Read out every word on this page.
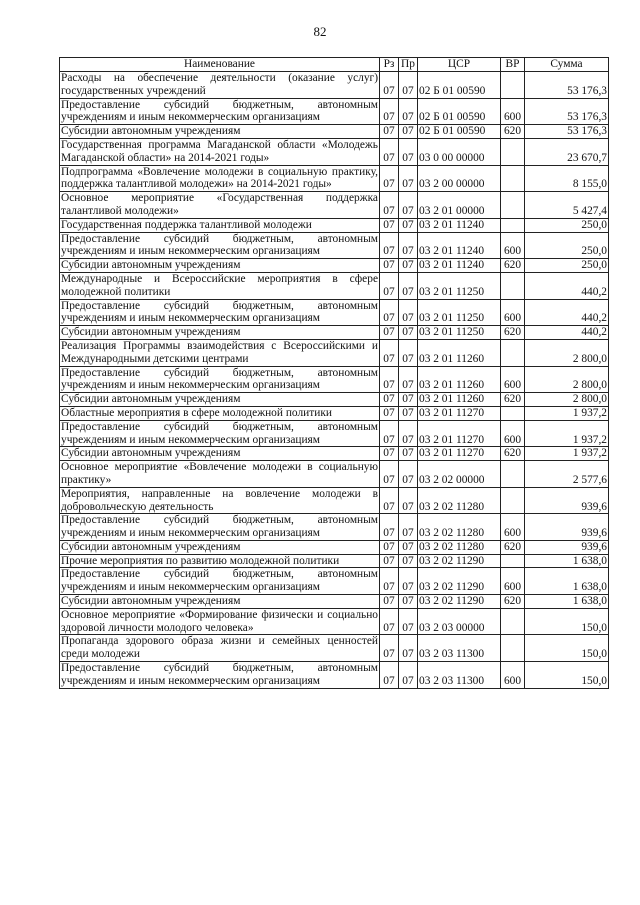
82
Наименование	Рз	Пр	ЦСР	ВР	Сумма
Расходы на обеспечение деятельности (оказание услуг) государственных учреждений	07	07	02 Б 01 00590		53 176,3
Предоставление субсидий бюджетным, автономным учреждениям и иным некоммерческим организациям	07	07	02 Б 01 00590	600	53 176,3
Субсидии автономным учреждениям	07	07	02 Б 01 00590	620	53 176,3
Государственная программа Магаданской области «Молодежь Магаданской области» на 2014-2021 годы»	07	07	03 0 00 00000		23 670,7
Подпрограмма «Вовлечение молодежи в социальную практику, поддержка талантливой молодежи» на 2014-2021 годы»	07	07	03 2 00 00000		8 155,0
Основное мероприятие «Государственная поддержка талантливой молодежи»	07	07	03 2 01 00000		5 427,4
Государственная поддержка талантливой молодежи	07	07	03 2 01 11240		250,0
Предоставление субсидий бюджетным, автономным учреждениям и иным некоммерческим организациям	07	07	03 2 01 11240	600	250,0
Субсидии автономным учреждениям	07	07	03 2 01 11240	620	250,0
Международные и Всероссийские мероприятия в сфере молодежной политики	07	07	03 2 01 11250		440,2
Предоставление субсидий бюджетным, автономным учреждениям и иным некоммерческим организациям	07	07	03 2 01 11250	600	440,2
Субсидии автономным учреждениям	07	07	03 2 01 11250	620	440,2
Реализация Программы взаимодействия с Всероссийскими и Международными детскими центрами	07	07	03 2 01 11260		2 800,0
Предоставление субсидий бюджетным, автономным учреждениям и иным некоммерческим организациям	07	07	03 2 01 11260	600	2 800,0
Субсидии автономным учреждениям	07	07	03 2 01 11260	620	2 800,0
Областные мероприятия в сфере молодежной политики	07	07	03 2 01 11270		1 937,2
Предоставление субсидий бюджетным, автономным учреждениям и иным некоммерческим организациям	07	07	03 2 01 11270	600	1 937,2
Субсидии автономным учреждениям	07	07	03 2 01 11270	620	1 937,2
Основное мероприятие «Вовлечение молодежи в социальную практику»	07	07	03 2 02 00000		2 577,6
Мероприятия, направленные на вовлечение молодежи в добровольческую деятельность	07	07	03 2 02 11280		939,6
Предоставление субсидий бюджетным, автономным учреждениям и иным некоммерческим организациям	07	07	03 2 02 11280	600	939,6
Субсидии автономным учреждениям	07	07	03 2 02 11280	620	939,6
Прочие мероприятия по развитию молодежной политики	07	07	03 2 02 11290		1 638,0
Предоставление субсидий бюджетным, автономным учреждениям и иным некоммерческим организациям	07	07	03 2 02 11290	600	1 638,0
Субсидии автономным учреждениям	07	07	03 2 02 11290	620	1 638,0
Основное мероприятие «Формирование физически и социально здоровой личности молодого человека»	07	07	03 2 03 00000		150,0
Пропаганда здорового образа жизни и семейных ценностей среди молодежи	07	07	03 2 03 11300		150,0
Предоставление субсидий бюджетным, автономным учреждениям и иным некоммерческим организациям	07	07	03 2 03 11300	600	150,0
